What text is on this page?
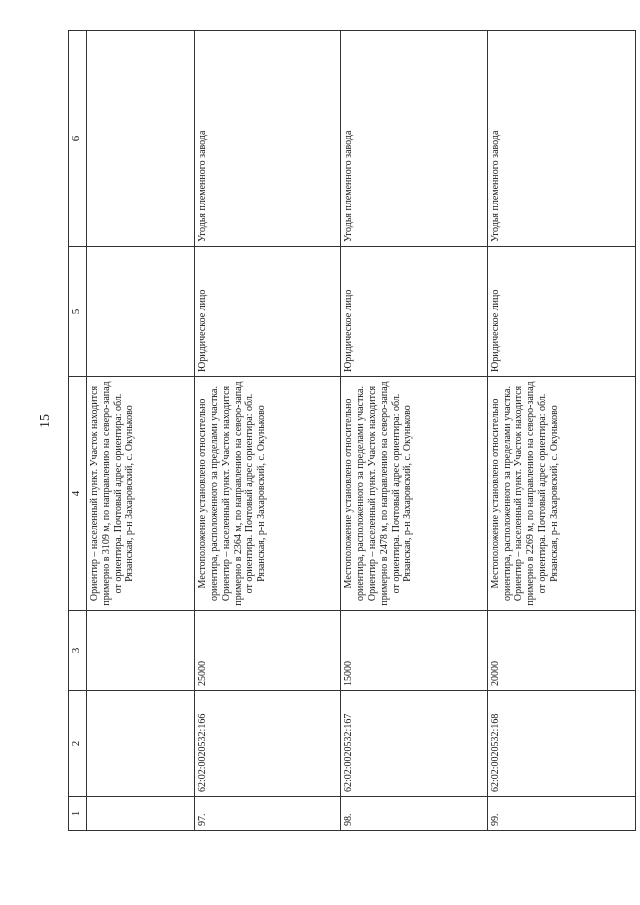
15
1	2	3	4	5	6
			Ориентир – населенный пункт. Участок находится примерно в 3109 м, по направлению на северо-запад от ориентира. Почтовый адрес ориентира: обл. Рязанская, р-н Захаровский, с. Окуньково		
97.	62:02:0020532:166	25000	Местоположение установлено относительно ориентира, расположенного за пределами участка. Ориентир – населенный пункт. Участок находится примерно в 2364 м, по направлению на северо-запад от ориентира. Почтовый адрес ориентира: обл. Рязанская, р-н Захаровский, с. Окуньково	Юридическое лицо	Угодья племенного завода
98.	62:02:0020532:167	15000	Местоположение установлено относительно ориентира, расположенного за пределами участка. Ориентир – населенный пункт. Участок находится примерно в 2478 м, по направлению на северо-запад от ориентира. Почтовый адрес ориентира: обл. Рязанская, р-н Захаровский, с. Окуньково	Юридическое лицо	Угодья племенного завода
99.	62:02:0020532:168	20000	Местоположение установлено относительно ориентира, расположенного за пределами участка. Ориентир – населенный пункт. Участок находится примерно в 2269 м, по направлению на северо-запад от ориентира. Почтовый адрес ориентира: обл. Рязанская, р-н Захаровский, с. Окуньково	Юридическое лицо	Угодья племенного завода
